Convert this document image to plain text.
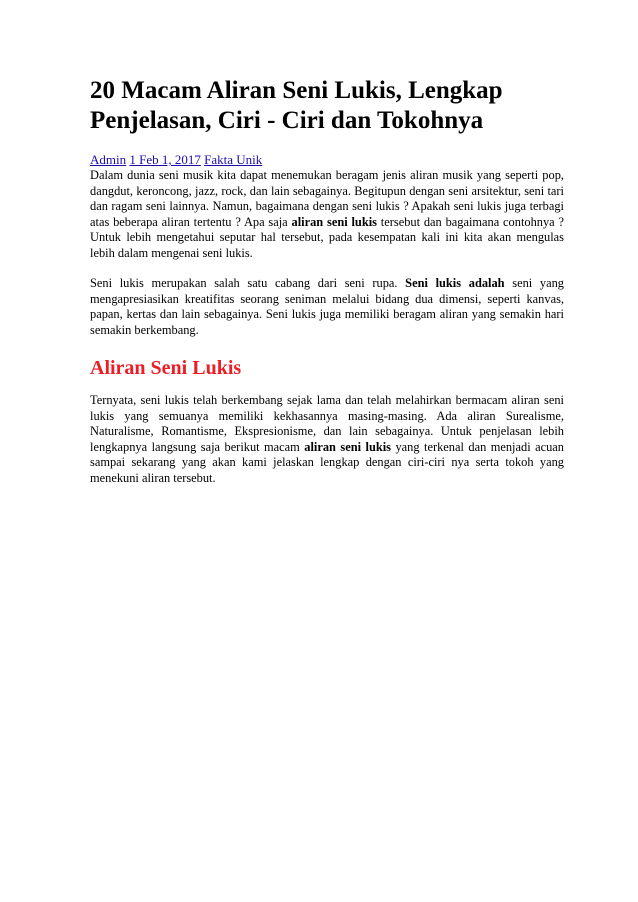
20 Macam Aliran Seni Lukis, Lengkap Penjelasan, Ciri - Ciri dan Tokohnya
Admin 1 Feb 1, 2017 Fakta Unik

Dalam dunia seni musik kita dapat menemukan beragam jenis aliran musik yang seperti pop, dangdut, keroncong, jazz, rock, dan lain sebagainya. Begitupun dengan seni arsitektur, seni tari dan ragam seni lainnya. Namun, bagaimana dengan seni lukis ? Apakah seni lukis juga terbagi atas beberapa aliran tertentu ? Apa saja aliran seni lukis tersebut dan bagaimana contohnya ? Untuk lebih mengetahui seputar hal tersebut, pada kesempatan kali ini kita akan mengulas lebih dalam mengenai seni lukis.

Seni lukis merupakan salah satu cabang dari seni rupa. Seni lukis adalah seni yang mengapresiasikan kreatifitas seorang seniman melalui bidang dua dimensi, seperti kanvas, papan, kertas dan lain sebagainya. Seni lukis juga memiliki beragam aliran yang semakin hari semakin berkembang.

Aliran Seni Lukis

Ternyata, seni lukis telah berkembang sejak lama dan telah melahirkan bermacam aliran seni lukis yang semuanya memiliki kekhasannya masing-masing. Ada aliran Surealisme, Naturalisme, Romantisme, Ekspresionisme, dan lain sebagainya. Untuk penjelasan lebih lengkapnya langsung saja berikut macam aliran seni lukis yang terkenal dan menjadi acuan sampai sekarang yang akan kami jelaskan lengkap dengan ciri-ciri nya serta tokoh yang menekuni aliran tersebut.
